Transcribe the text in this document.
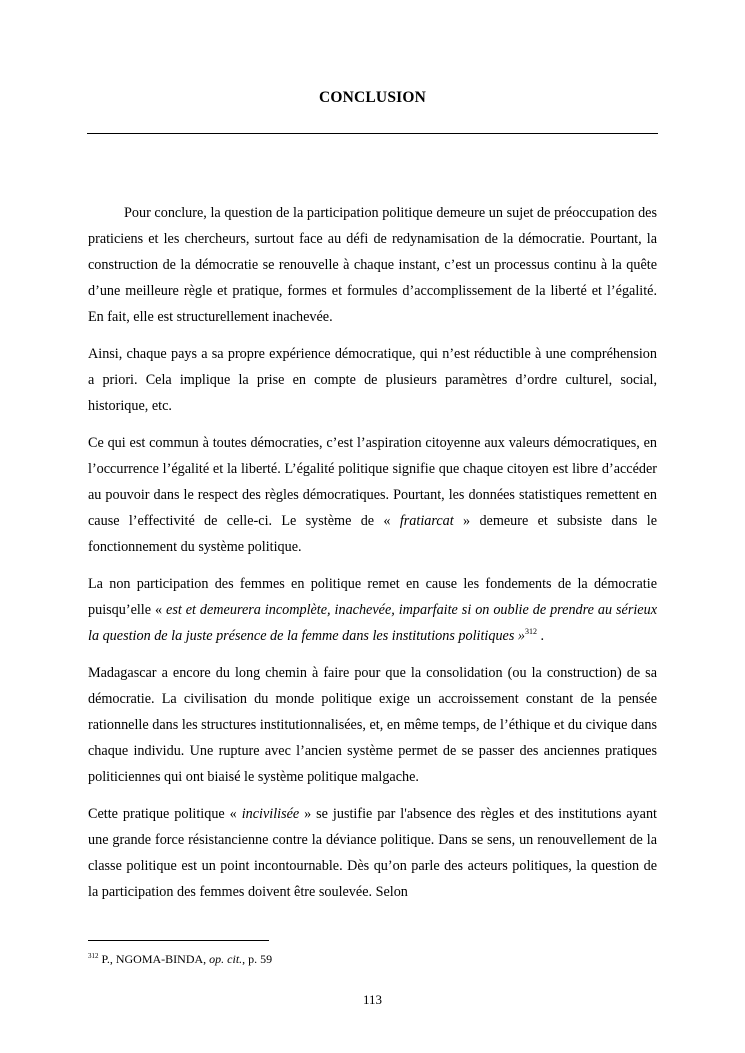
CONCLUSION

Pour conclure, la question de la participation politique demeure un sujet de préoccupation des praticiens et les chercheurs, surtout face au défi de redynamisation de la démocratie. Pourtant, la construction de la démocratie se renouvelle à chaque instant, c’est un processus continu à la quête d’une meilleure règle et pratique, formes et formules d’accomplissement de la liberté et l’égalité. En fait, elle est structurellement inachevée.

Ainsi, chaque pays a sa propre expérience démocratique, qui n’est réductible à une compréhension a priori. Cela implique la prise en compte de plusieurs paramètres d’ordre culturel, social, historique, etc.

Ce qui est commun à toutes démocraties, c’est l’aspiration citoyenne aux valeurs démocratiques, en l’occurrence l’égalité et la liberté. L’égalité politique signifie que chaque citoyen est libre d’accéder au pouvoir dans le respect des règles démocratiques. Pourtant, les données statistiques remettent en cause l’effectivité de celle-ci. Le système de « fratiarcat » demeure et subsiste dans le fonctionnement du système politique.

La non participation des femmes en politique remet en cause les fondements de la démocratie puisqu’elle « est et demeurera incomplète, inachevée, imparfaite si on oublie de prendre au sérieux la question de la juste présence de la femme dans les institutions politiques »$^{312}$ .

Madagascar a encore du long chemin à faire pour que la consolidation (ou la construction) de sa démocratie. La civilisation du monde politique exige un accroissement constant de la pensée rationnelle dans les structures institutionnalisées, et, en même temps, de l’éthique et du civique dans chaque individu. Une rupture avec l’ancien système permet de se passer des anciennes pratiques politiciennes qui ont biaisé le système politique malgache.

Cette pratique politique « incivilisée » se justifie par l'absence des règles et des institutions ayant une grande force résistancienne contre la déviance politique. Dans se sens, un renouvellement de la classe politique est un point incontournable. Dès qu’on parle des acteurs politiques, la question de la participation des femmes doivent être soulevée. Selon

$^{312}$ P., NGOMA-BINDA, op. cit., p. 59
113
